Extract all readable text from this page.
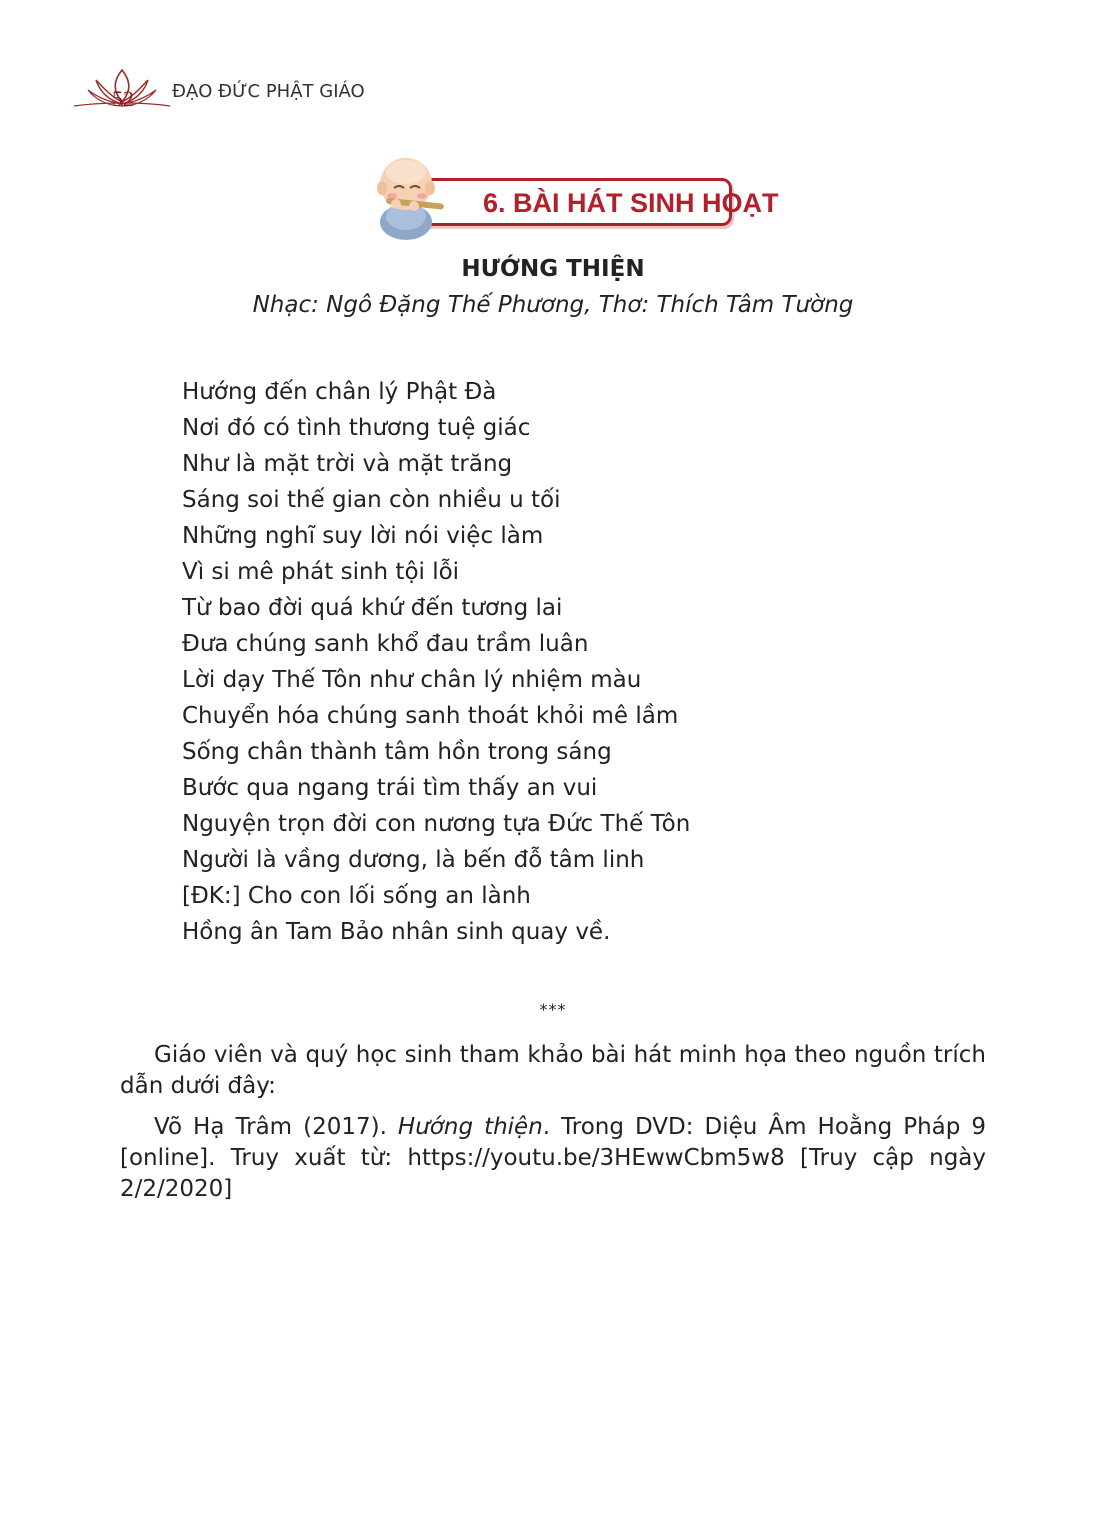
52 ĐẠO ĐỨC PHẬT GIÁO
6. BÀI HÁT SINH HOẠT
HƯỚNG THIỆN
Nhạc: Ngô Đặng Thế Phương, Thơ: Thích Tâm Tường
Hướng đến chân lý Phật Đà
Nơi đó có tình thương tuệ giác
Như là mặt trời và mặt trăng
Sáng soi thế gian còn nhiều u tối
Những nghĩ suy lời nói việc làm
Vì si mê phát sinh tội lỗi
Từ bao đời quá khứ đến tương lai
Đưa chúng sanh khổ đau trầm luân
Lời dạy Thế Tôn như chân lý nhiệm màu
Chuyển hóa chúng sanh thoát khỏi mê lầm
Sống chân thành tâm hồn trong sáng
Bước qua ngang trái tìm thấy an vui
Nguyện trọn đời con nương tựa Đức Thế Tôn
Người là vầng dương, là bến đỗ tâm linh
[ĐK:] Cho con lối sống an lành
Hồng ân Tam Bảo nhân sinh quay về.
***

Giáo viên và quý học sinh tham khảo bài hát minh họa theo nguồn trích dẫn dưới đây:

Võ Hạ Trâm (2017). Hướng thiện. Trong DVD: Diệu Âm Hoằng Pháp 9 [online]. Truy xuất từ: https://youtu.be/3HEwwCbm5w8 [Truy cập ngày 2/2/2020]
